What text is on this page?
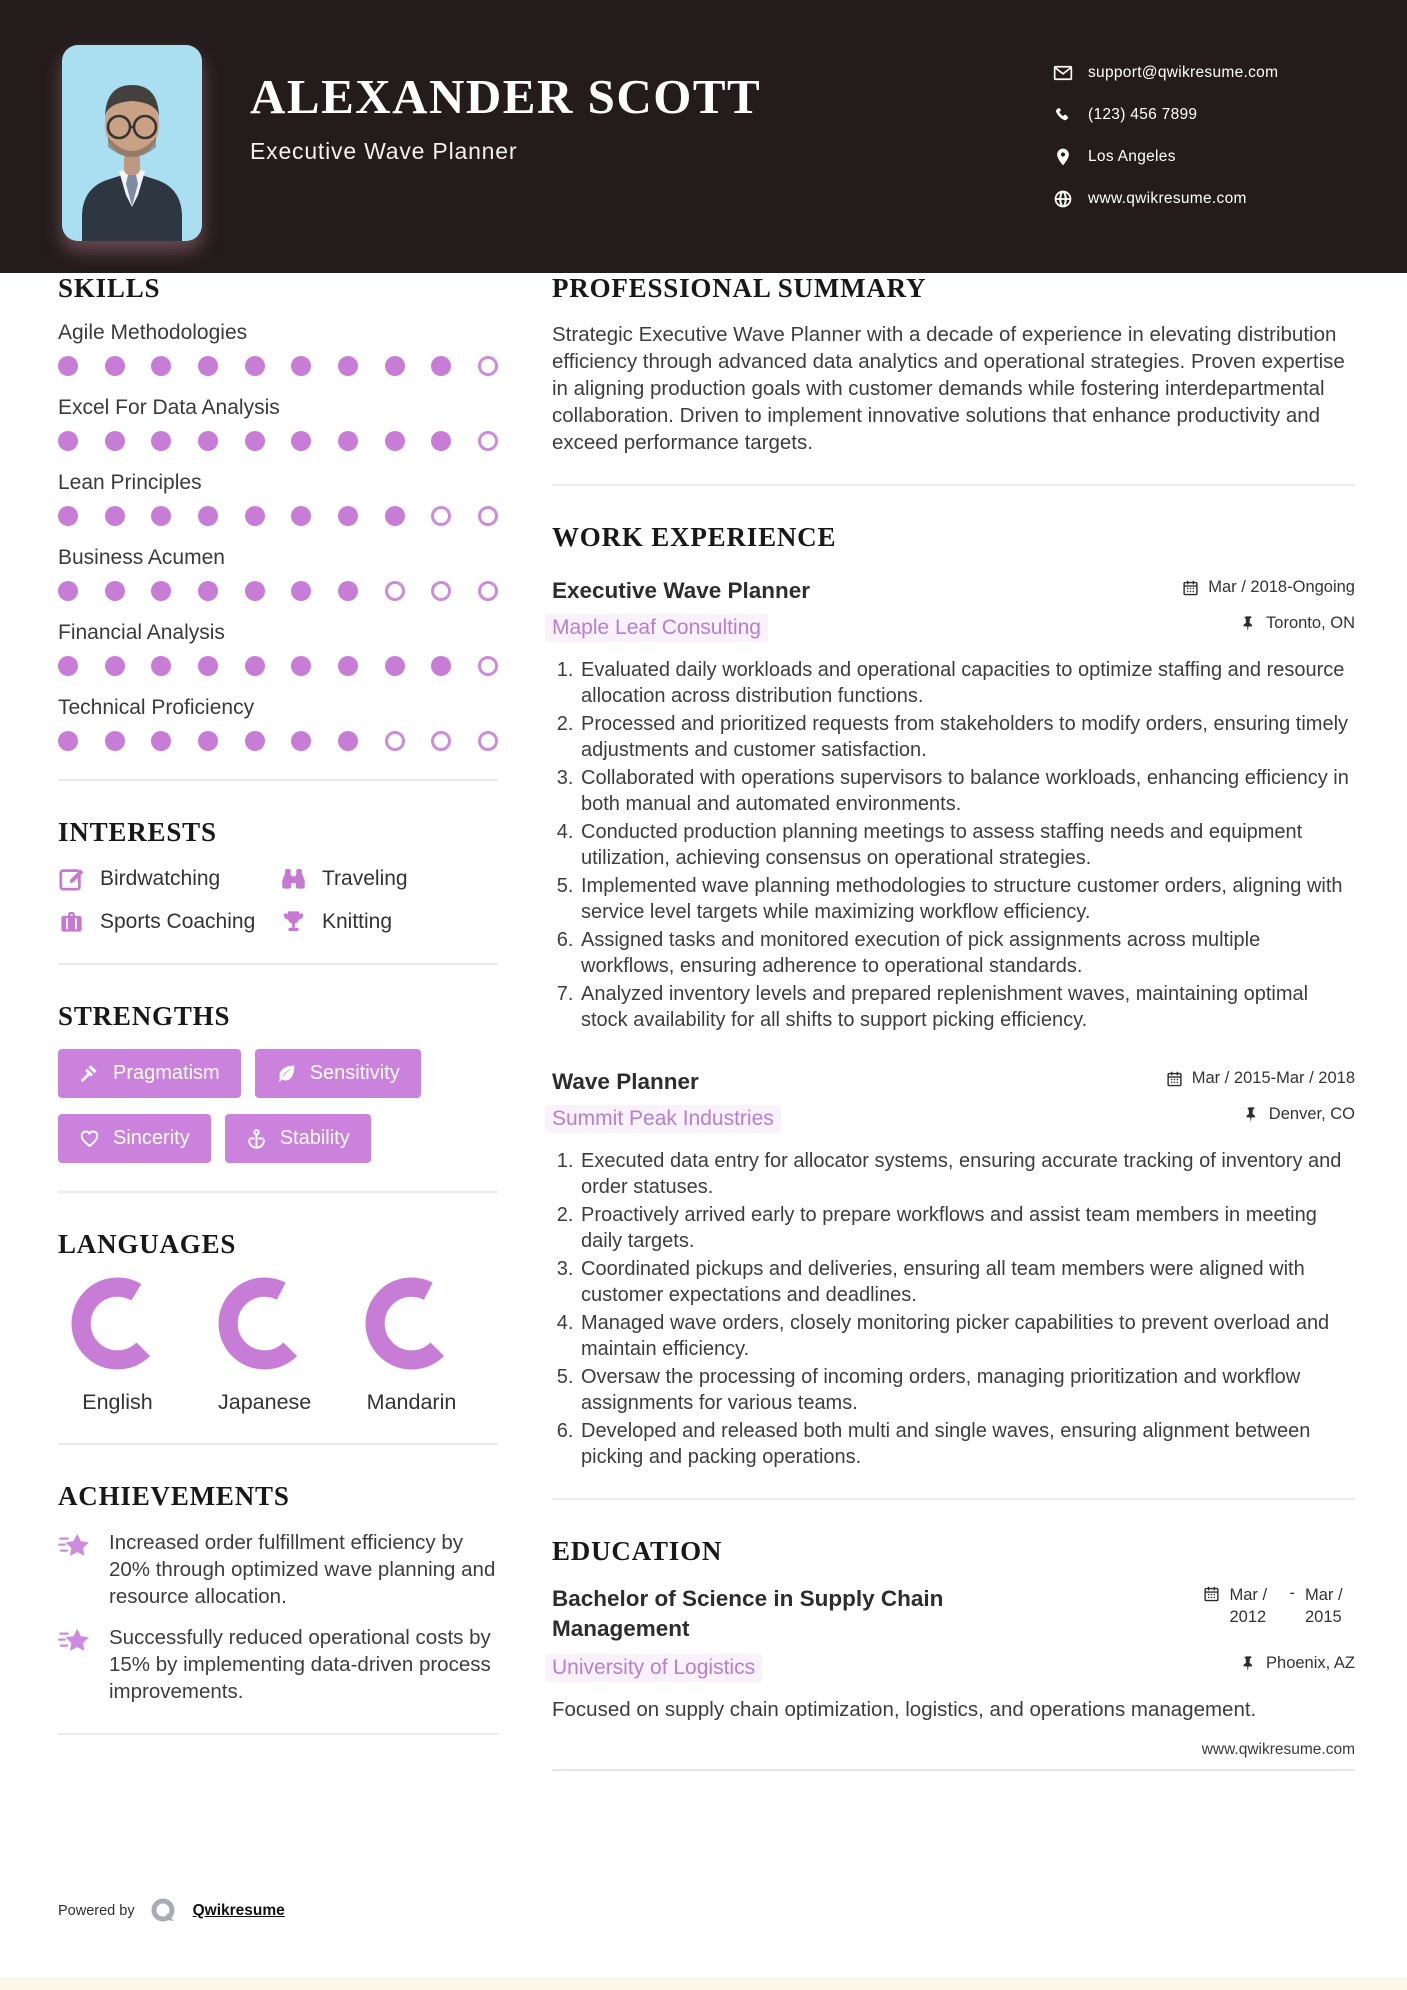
ALEXANDER SCOTT
Executive Wave Planner
support@qwikresume.com
(123) 456 7899
Los Angeles
www.qwikresume.com
SKILLS
Agile Methodologies
Excel For Data Analysis
Lean Principles
Business Acumen
Financial Analysis
Technical Proficiency
INTERESTS
Birdwatching	Traveling
Sports Coaching	Knitting
STRENGTHS
Pragmatism	Sensitivity
Sincerity	Stability
LANGUAGES
English	Japanese	Mandarin
ACHIEVEMENTS
Increased order fulfillment efficiency by 20% through optimized wave planning and resource allocation.
Successfully reduced operational costs by 15% by implementing data-driven process improvements.
PROFESSIONAL SUMMARY

Strategic Executive Wave Planner with a decade of experience in elevating distribution efficiency through advanced data analytics and operational strategies. Proven expertise in aligning production goals with customer demands while fostering interdepartmental collaboration. Driven to implement innovative solutions that enhance productivity and exceed performance targets.

WORK EXPERIENCE
Executive Wave Planner	Mar / 2018-Ongoing
Maple Leaf Consulting	Toronto, ON
1. Evaluated daily workloads and operational capacities to optimize staffing and resource allocation across distribution functions.
2. Processed and prioritized requests from stakeholders to modify orders, ensuring timely adjustments and customer satisfaction.
3. Collaborated with operations supervisors to balance workloads, enhancing efficiency in both manual and automated environments.
4. Conducted production planning meetings to assess staffing needs and equipment utilization, achieving consensus on operational strategies.
5. Implemented wave planning methodologies to structure customer orders, aligning with service level targets while maximizing workflow efficiency.
6. Assigned tasks and monitored execution of pick assignments across multiple workflows, ensuring adherence to operational standards.
7. Analyzed inventory levels and prepared replenishment waves, maintaining optimal stock availability for all shifts to support picking efficiency.
Wave Planner	Mar / 2015-Mar / 2018
Summit Peak Industries	Denver, CO
1. Executed data entry for allocator systems, ensuring accurate tracking of inventory and order statuses.
2. Proactively arrived early to prepare workflows and assist team members in meeting daily targets.
3. Coordinated pickups and deliveries, ensuring all team members were aligned with customer expectations and deadlines.
4. Managed wave orders, closely monitoring picker capabilities to prevent overload and maintain efficiency.
5. Oversaw the processing of incoming orders, managing prioritization and workflow assignments for various teams.
6. Developed and released both multi and single waves, ensuring alignment between picking and packing operations.
EDUCATION
Bachelor of Science in Supply Chain Management
Mar / 2012
- Mar / 2015
University of Logistics	Phoenix, AZ

Focused on supply chain optimization, logistics, and operations management.

www.qwikresume.com
Powered by	Qwikresume
